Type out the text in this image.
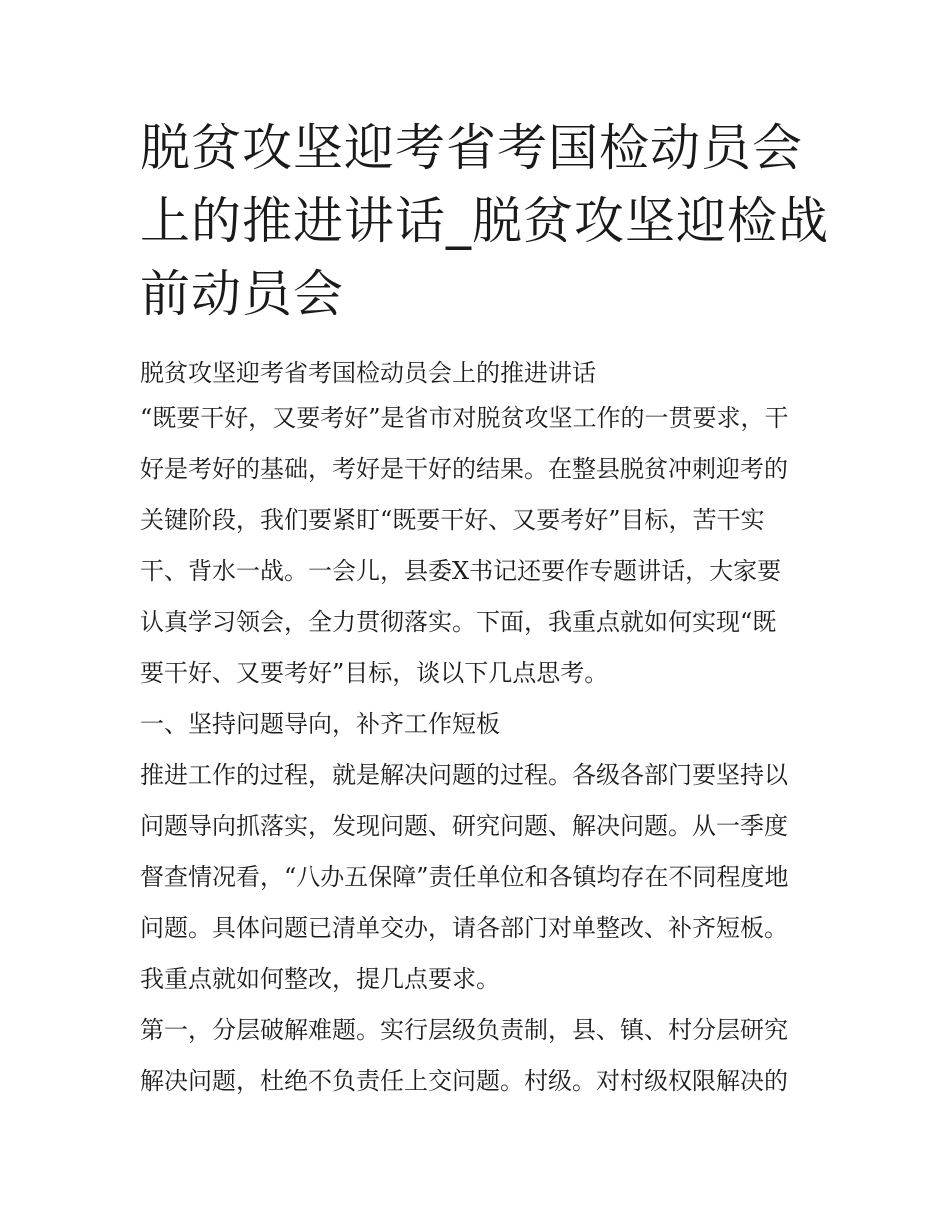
脱贫攻坚迎考省考国检动员会
上的推进讲话_脱贫攻坚迎检战
前动员会

脱贫攻坚迎考省考国检动员会上的推进讲话

“既要干好，又要考好”是省市对脱贫攻坚工作的一贯要求，干

好是考好的基础，考好是干好的结果。在整县脱贫冲刺迎考的

关键阶段，我们要紧盯“既要干好、又要考好”目标，苦干实

干、背水一战。一会儿，县委X书记还要作专题讲话，大家要

认真学习领会，全力贯彻落实。下面，我重点就如何实现“既

要干好、又要考好”目标，谈以下几点思考。

一、坚持问题导向，补齐工作短板

推进工作的过程，就是解决问题的过程。各级各部门要坚持以

问题导向抓落实，发现问题、研究问题、解决问题。从一季度

督查情况看，“八办五保障”责任单位和各镇均存在不同程度地

问题。具体问题已清单交办，请各部门对单整改、补齐短板。

我重点就如何整改，提几点要求。

第一，分层破解难题。实行层级负责制，县、镇、村分层研究

解决问题，杜绝不负责任上交问题。村级。对村级权限解决的
